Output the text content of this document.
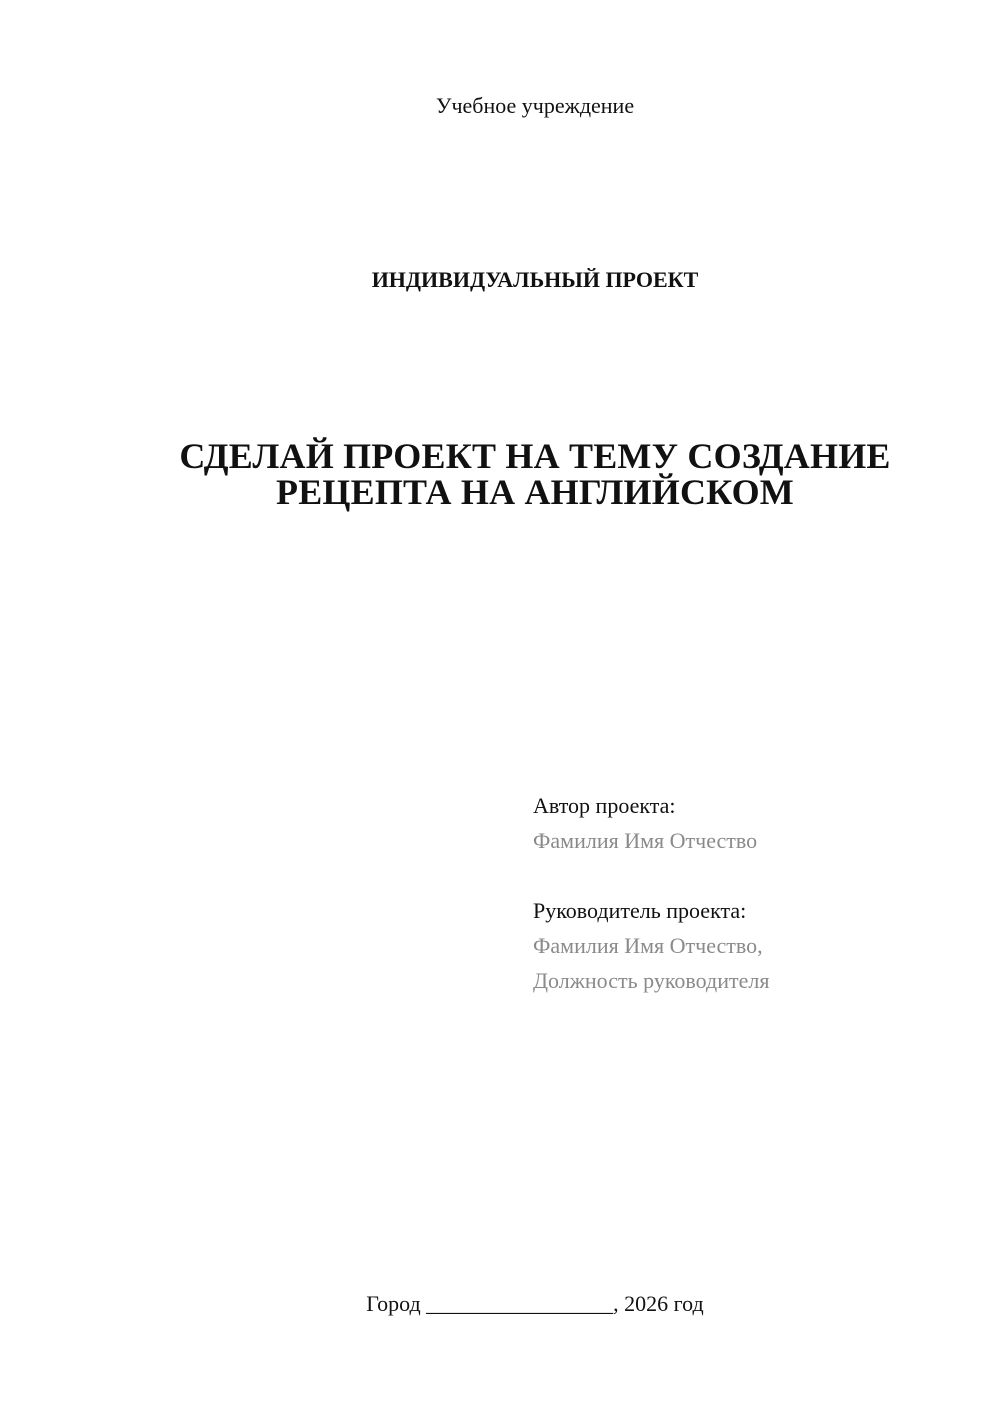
Учебное учреждение
ИНДИВИДУАЛЬНЫЙ ПРОЕКТ
СДЕЛАЙ ПРОЕКТ НА ТЕМУ СОЗДАНИЕ
РЕЦЕПТА НА АНГЛИЙСКОМ
Автор проекта:
Фамилия Имя Отчество
Руководитель проекта:
Фамилия Имя Отчество,
Должность руководителя
Город _________________, 2026 год
